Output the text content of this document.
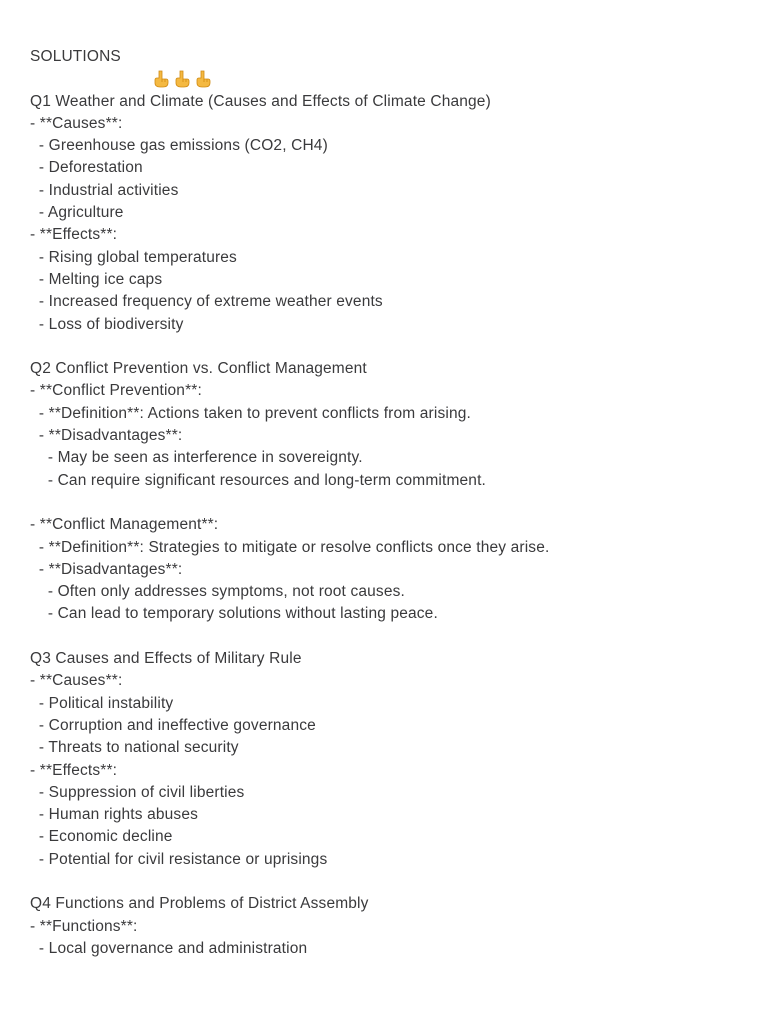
SOLUTIONS

Q1 Weather and Climate (Causes and Effects of Climate Change)
- **Causes**:
- Greenhouse gas emissions (CO2, CH4)
- Deforestation
- Industrial activities
- Agriculture
- **Effects**:
- Rising global temperatures
- Melting ice caps
- Increased frequency of extreme weather events
- Loss of biodiversity
Q2 Conflict Prevention vs. Conflict Management
- **Conflict Prevention**:
- **Definition**: Actions taken to prevent conflicts from arising.
- **Disadvantages**:
- May be seen as interference in sovereignty.
- Can require significant resources and long-term commitment.
- **Conflict Management**:
- **Definition**: Strategies to mitigate or resolve conflicts once they arise.
- **Disadvantages**:
- Often only addresses symptoms, not root causes.
- Can lead to temporary solutions without lasting peace.
Q3 Causes and Effects of Military Rule
- **Causes**:
- Political instability
- Corruption and ineffective governance
- Threats to national security
- **Effects**:
- Suppression of civil liberties
- Human rights abuses
- Economic decline
- Potential for civil resistance or uprisings
Q4 Functions and Problems of District Assembly
- **Functions**:
- Local governance and administration
